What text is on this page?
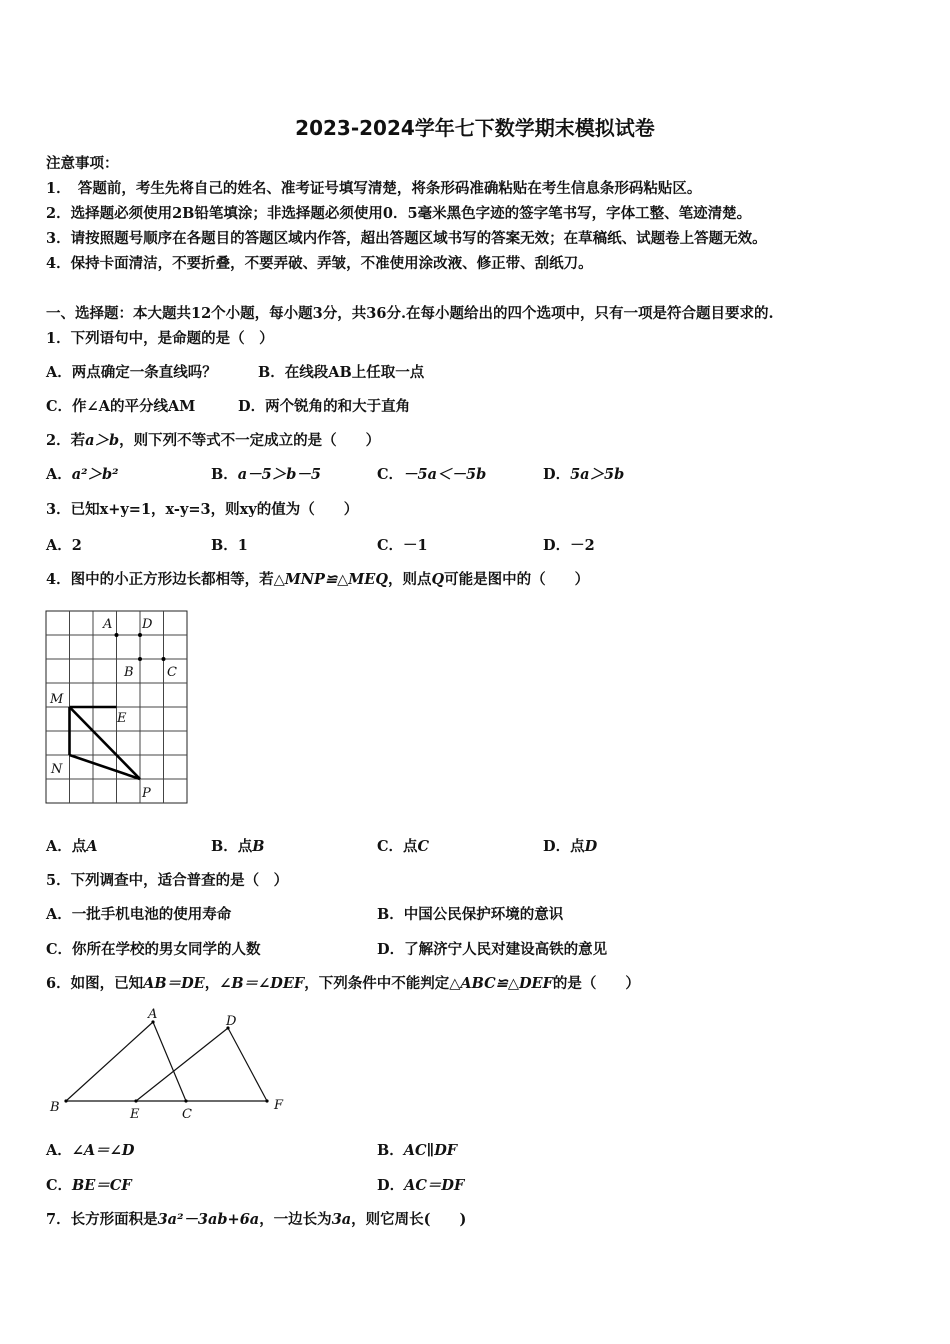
2023-2024学年七下数学期末模拟试卷
注意事项：
1．　答题前，考生先将自己的姓名、准考证号填写清楚，将条形码准确粘贴在考生信息条形码粘贴区。
2．选择题必须使用2B铅笔填涂；非选择题必须使用0．5毫米黑色字迹的签字笔书写，字体工整、笔迹清楚。
3．请按照题号顺序在各题目的答题区域内作答，超出答题区域书写的答案无效；在草稿纸、试题卷上答题无效。
4．保持卡面清洁，不要折叠，不要弄破、弄皱，不准使用涂改液、修正带、刮纸刀。
一、选择题：本大题共12个小题，每小题3分，共36分.在每小题给出的四个选项中，只有一项是符合题目要求的.
1．下列语句中，是命题的是（　）
A．两点确定一条直线吗？	B．在线段AB上任取一点
C．作∠A的平分线AM	D．两个锐角的和大于直角
2．若a＞b，则下列不等式不一定成立的是（　　）
A．a²＞b²	B．a－5＞b－5	C．－5a＜－5b	D．5a＞5b
3．已知x+y=1，x-y=3，则xy的值为（　　）
A．2	B．1	C．－1	D．－2
4．图中的小正方形边长都相等，若△MNP≌△MEQ，则点Q可能是图中的（　　）
A D
B	C
M
E
N
P
A．点A	B．点B	C．点C	D．点D
5．下列调查中，适合普查的是（　）
A．一批手机电池的使用寿命	B．中国公民保护环境的意识
C．你所在学校的男女同学的人数	D．了解济宁人民对建设高铁的意见
6．如图，已知AB＝DE，∠B＝∠DEF，下列条件中不能判定△ABC≌△DEF的是（　　）
A	D
B	E	C
F
A．∠A＝∠D	B．AC∥DF
C．BE＝CF	D．AC＝DF
7．长方形面积是3a²－3ab+6a，一边长为3a，则它周长(　　)
